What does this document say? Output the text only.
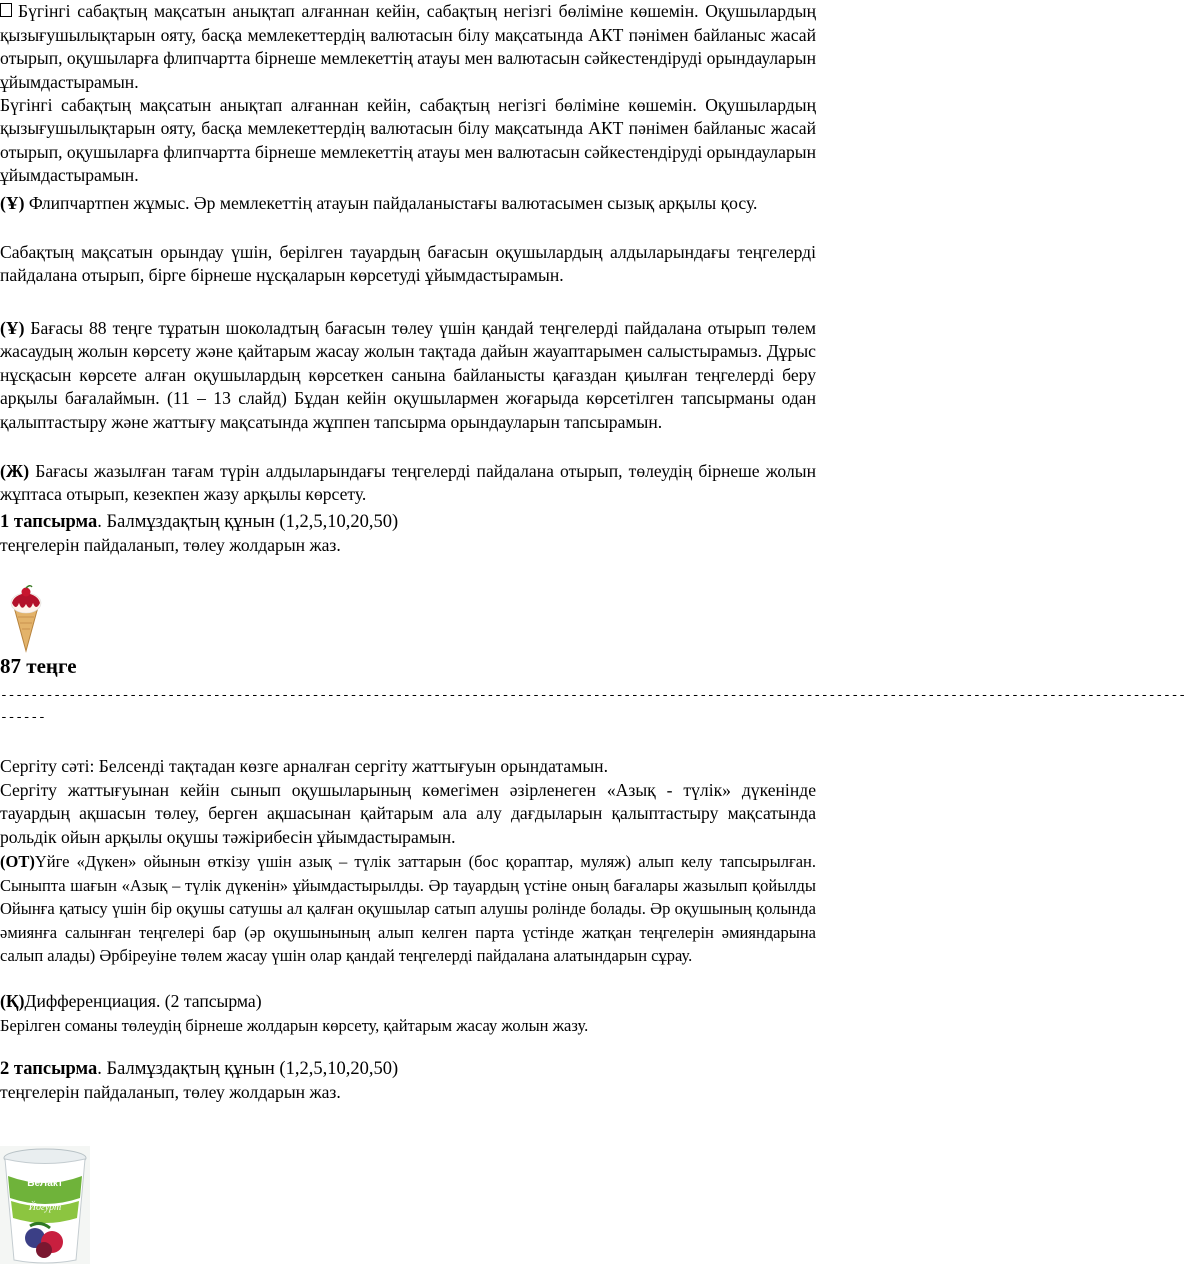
Бүгінгі сабақтың мақсатын анықтап алғаннан кейін, сабақтың негізгі бөліміне көшемін. Оқушылардың қызығушылықтарын ояту, басқа мемлекеттердің валютасын білу мақсатында АКТ пәнімен байланыс жасай отырып, оқушыларға флипчартта бірнеше мемлекеттің атауы мен валютасын сәйкестендіруді орындауларын ұйымдастырамын.

Бүгінгі сабақтың мақсатын анықтап алғаннан кейін, сабақтың негізгі бөліміне көшемін. Оқушылардың қызығушылықтарын ояту, басқа мемлекеттердің валютасын білу мақсатында АКТ пәнімен байланыс жасай отырып, оқушыларға флипчартта бірнеше мемлекеттің атауы мен валютасын сәйкестендіруді орындауларын ұйымдастырамын.

(Ұ) Флипчартпен жұмыс. Әр мемлекеттің атауын пайдаланыстағы валютасымен сызық арқылы қосу.

Сабақтың мақсатын орындау үшін, берілген тауардың бағасын оқушылардың алдыларындағы теңгелерді пайдалана отырып, бірге бірнеше нұсқаларын көрсетуді ұйымдастырамын.

(Ұ) Бағасы 88 теңге тұратын шоколадтың бағасын төлеу үшін қандай теңгелерді пайдалана отырып төлем жасаудың жолын көрсету және қайтарым жасау жолын тақтада дайын жауаптарымен салыстырамыз. Дұрыс нұсқасын көрсете алған оқушылардың көрсеткен санына байланысты қағаздан қиылған теңгелерді беру арқылы бағалаймын. (11 – 13 слайд) Бұдан кейін оқушылармен жоғарыда көрсетілген тапсырманы одан қалыптастыру және жаттығу мақсатында жұппен тапсырма орындауларын тапсырамын.

(Ж) Бағасы жазылған тағам түрін алдыларындағы теңгелерді пайдалана отырып, төлеудің бірнеше жолын жұптаса отырып, кезекпен жазу арқылы көрсету.

1 тапсырма. Балмұздақтың құнын (1,2,5,10,20,50)

теңгелерін пайдаланып, төлеу жолдарын жаз.

87 теңге

------------------------------------------------------------------------------------------------------------------------------------------------------------
------

Сергіту сәті: Белсенді тақтадан көзге арналған сергіту жаттығуын орындатамын.

Сергіту жаттығуынан кейін сынып оқушыларының көмегімен әзірленеген «Азық - түлік» дүкенінде тауардың ақшасын төлеу, берген ақшасынан қайтарым ала алу дағдыларын қалыптастыру мақсатында рольдік ойын арқылы оқушы тәжірибесін ұйымдастырамын.

(ОТ)Үйге «Дүкен» ойынын өткізу үшін азық – түлік заттарын (бос қораптар, муляж) алып келу тапсырылған. Сыныпта шағын «Азық – түлік дүкенін» ұйымдастырылды. Әр тауардың үстіне оның бағалары жазылып қойылды Ойынға қатысу үшін бір оқушы сатушы ал қалған оқушылар сатып алушы ролінде болады. Әр оқушының қолында әмиянға салынған теңгелері бар (әр оқушынының алып келген парта үстінде жатқан теңгелерін әмияндарына салып алады) Әрбіреуіне төлем жасау үшін олар қандай теңгелерді пайдалана алатындарын сұрау.

(Қ)Дифференциация. (2 тапсырма)

Берілген соманы төлеудің бірнеше жолдарын көрсету, қайтарым жасау жолын жазу.

2 тапсырма. Балмұздақтың құнын (1,2,5,10,20,50)

теңгелерін пайдаланып, төлеу жолдарын жаз.

БеЛакт
Йогурт
